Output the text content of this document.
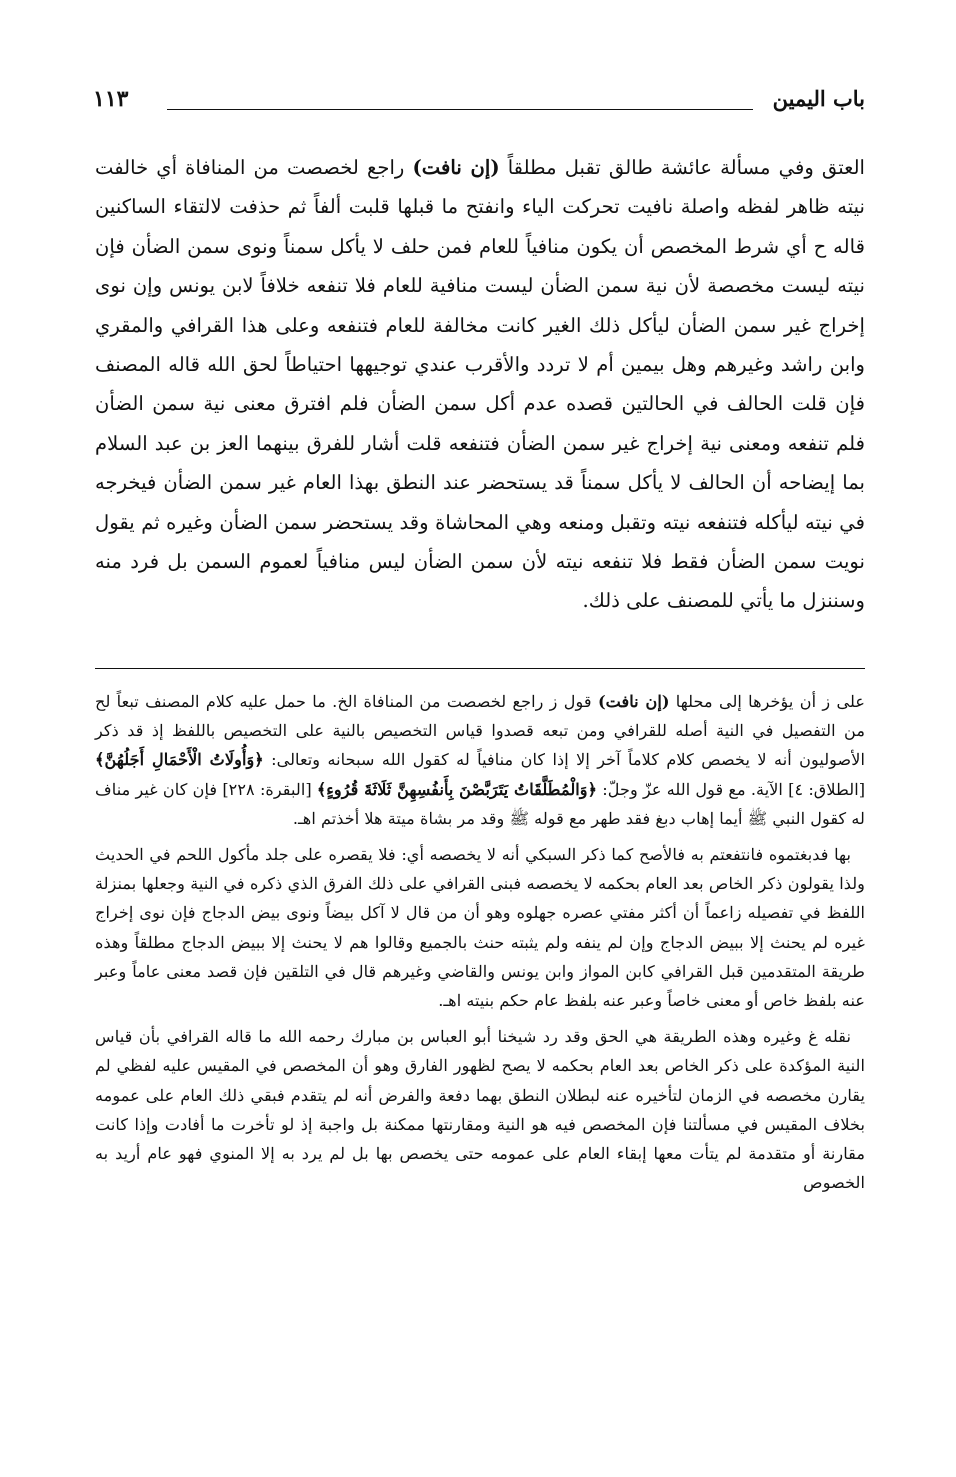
باب اليمين
١١٣

العتق وفي مسألة عائشة طالق تقبل مطلقاً (إن نافت) راجع لخصصت من المنافاة أي خالفت نيته ظاهر لفظه واصلة نافيت تحركت الياء وانفتح ما قبلها قلبت ألفاً ثم حذفت لالتقاء الساكنين قاله ح أي شرط المخصص أن يكون منافياً للعام فمن حلف لا يأكل سمناً ونوى سمن الضأن فإن نيته ليست مخصصة لأن نية سمن الضأن ليست منافية للعام فلا تنفعه خلافاً لابن يونس وإن نوى إخراج غير سمن الضأن ليأكل ذلك الغير كانت مخالفة للعام فتنفعه وعلى هذا القرافي والمقري وابن راشد وغيرهم وهل بيمين أم لا تردد والأقرب عندي توجيهها احتياطاً لحق الله قاله المصنف فإن قلت الحالف في الحالتين قصده عدم أكل سمن الضأن فلم افترق معنى نية سمن الضأن فلم تنفعه ومعنى نية إخراج غير سمن الضأن فتنفعه قلت أشار للفرق بينهما العز بن عبد السلام بما إيضاحه أن الحالف لا يأكل سمناً قد يستحضر عند النطق بهذا العام غير سمن الضأن فيخرجه في نيته ليأكله فتنفعه نيته وتقبل ومنعه وهي المحاشاة وقد يستحضر سمن الضأن وغيره ثم يقول نويت سمن الضأن فقط فلا تنفعه نيته لأن سمن الضأن ليس منافياً لعموم السمن بل فرد منه وسننزل ما يأتي للمصنف على ذلك.

على ز أن يؤخرها إلى محلها (إن نافت) قول ز راجع لخصصت من المنافاة الخ. ما حمل عليه كلام المصنف تبعاً لح من التفصيل في النية أصله للقرافي ومن تبعه قصدوا قياس التخصيص بالنية على التخصيص باللفظ إذ قد ذكر الأصوليون أنه لا يخصص كلام كلاماً آخر إلا إذا كان منافياً له كقول الله سبحانه وتعالى: ﴿وَأُولَاتُ الْأَحْمَالِ أَجَلُهُنَّ﴾ [الطلاق: ٤] الآية. مع قول الله عزّ وجلّ: ﴿وَالْمُطَلَّقَاتُ يَتَرَبَّصْنَ بِأَنفُسِهِنَّ ثَلَاثَةَ قُرُوءٍ﴾ [البقرة: ٢٢٨] فإن كان غير مناف له كقول النبي ﷺ أيما إهاب دبغ فقد طهر مع قوله ﷺ وقد مر بشاة ميتة هلا أخذتم اهـ.

بها فدبغتموه فانتفعتم به فالأصح كما ذكر السبكي أنه لا يخصصه أي: فلا يقصره على جلد مأكول اللحم في الحديث ولذا يقولون ذكر الخاص بعد العام بحكمه لا يخصصه فبنى القرافي على ذلك الفرق الذي ذكره في النية وجعلها بمنزلة اللفظ في تفصيله زاعماً أن أكثر مفتي عصره جهلوه وهو أن من قال لا آكل بيضاً ونوى بيض الدجاج فإن نوى إخراج غيره لم يحنث إلا ببيض الدجاج وإن لم ينفه ولم يثبته حنث بالجميع وقالوا هم لا يحنث إلا ببيض الدجاج مطلقاً وهذه طريقة المتقدمين قبل القرافي كابن المواز وابن يونس والقاضي وغيرهم قال في التلقين فإن قصد معنى عاماً وعبر عنه بلفظ خاص أو معنى خاصاً وعبر عنه بلفظ عام حكم بنيته اهـ.

نقله غ وغيره وهذه الطريقة هي الحق وقد رد شيخنا أبو العباس بن مبارك رحمه الله ما قاله القرافي بأن قياس النية المؤكدة على ذكر الخاص بعد العام بحكمه لا يصح لظهور الفارق وهو أن المخصص في المقيس عليه لفظي لم يقارن مخصصه في الزمان لتأخيره عنه لبطلان النطق بهما دفعة والفرض أنه لم يتقدم فبقي ذلك العام على عمومه بخلاف المقيس في مسألتنا فإن المخصص فيه هو النية ومقارنتها ممكنة بل واجبة إذ لو تأخرت ما أفادت وإذا كانت مقارنة أو متقدمة لم يتأت معها إبقاء العام على عمومه حتى يخصص بها بل لم يرد به إلا المنوي فهو عام أريد به الخصوص
